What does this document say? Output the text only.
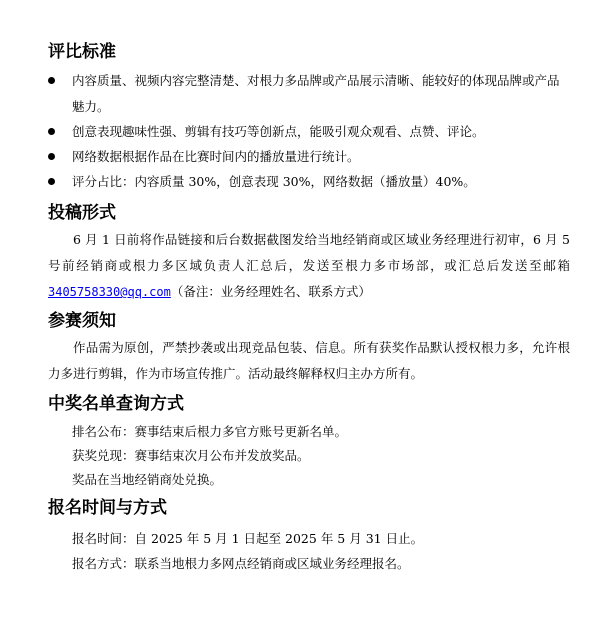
评比标准

内容质量、视频内容完整清楚、对根力多品牌或产品展示清晰、能较好的体现品牌或产品

魅力。

创意表现趣味性强、剪辑有技巧等创新点，能吸引观众观看、点赞、评论。

网络数据根据作品在比赛时间内的播放量进行统计。

评分占比：内容质量 30%，创意表现 30%，网络数据（播放量）40%。

投稿形式

6 月 1 日前将作品链接和后台数据截图发给当地经销商或区域业务经理进行初审，6 月 5 号前经销商或根力多区域负责人汇总后，发送至根力多市场部，或汇总后发送至邮箱3405758330@qq.com（备注：业务经理姓名、联系方式）

参赛须知

作品需为原创，严禁抄袭或出现竞品包装、信息。所有获奖作品默认授权根力多，允许根力多进行剪辑，作为市场宣传推广。活动最终解释权归主办方所有。

中奖名单查询方式

排名公布：赛事结束后根力多官方账号更新名单。

获奖兑现：赛事结束次月公布并发放奖品。

奖品在当地经销商处兑换。

报名时间与方式

报名时间：自 2025 年 5 月 1 日起至 2025 年 5 月 31 日止。

报名方式：联系当地根力多网点经销商或区域业务经理报名。
